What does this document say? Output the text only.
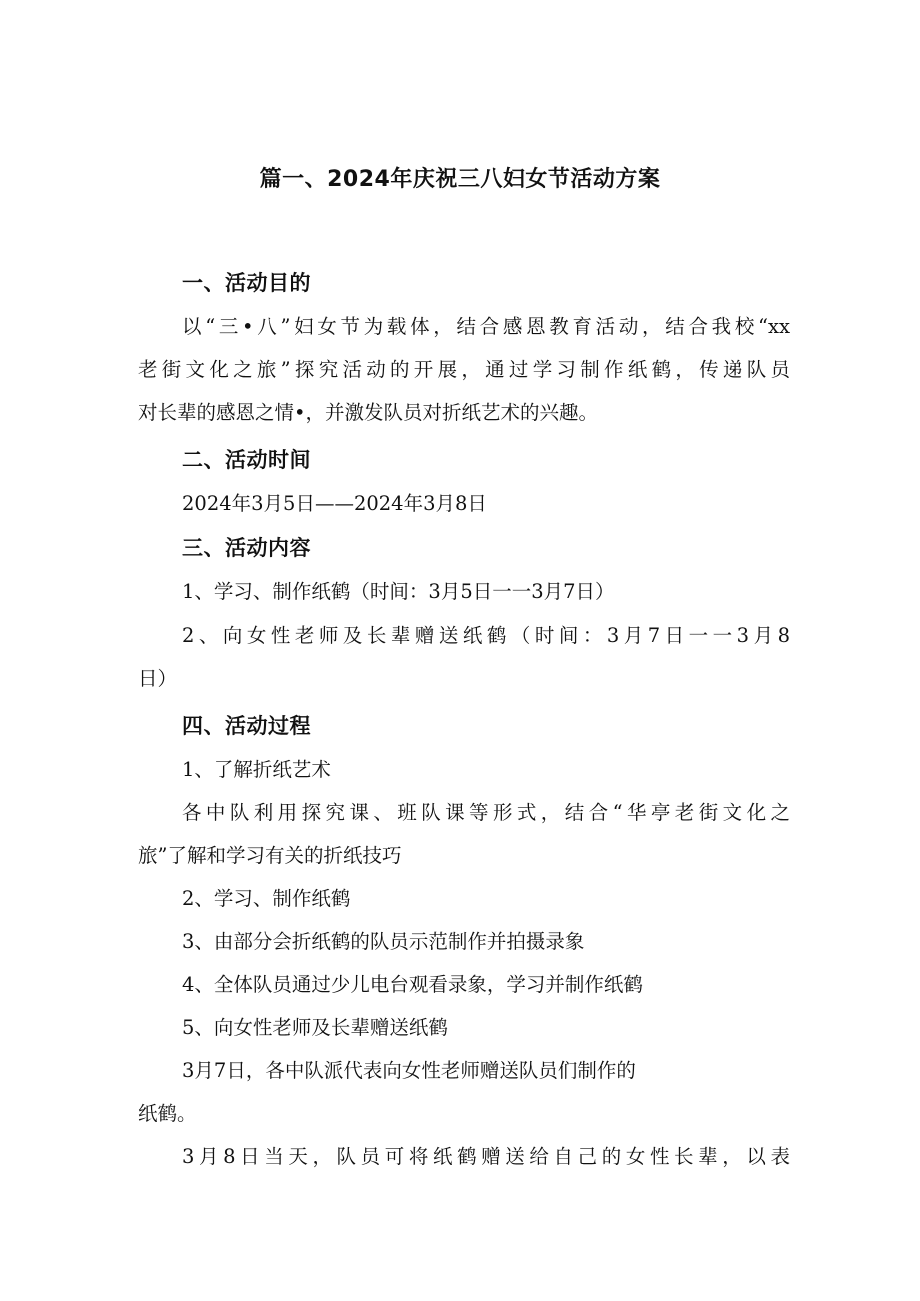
篇一、2024年庆祝三八妇女节活动方案
一、活动目的
以“三•八”妇女节为载体，结合感恩教育活动，结合我校“xx
老街文化之旅”探究活动的开展，通过学习制作纸鹤，传递队员
对长辈的感恩之情•，并激发队员对折纸艺术的兴趣。
二、活动时间
2024年3月5日——2024年3月8日
三、活动内容
1、学习、制作纸鹤（时间：3月5日一一3月7日）
2、向女性老师及长辈赠送纸鹤（时间：3月7日一一3月8
日）
四、活动过程
1、了解折纸艺术
各中队利用探究课、班队课等形式，结合“华亭老街文化之
旅”了解和学习有关的折纸技巧
2、学习、制作纸鹤
3、由部分会折纸鹤的队员示范制作并拍摄录象
4、全体队员通过少儿电台观看录象，学习并制作纸鹤
5、向女性老师及长辈赠送纸鹤
3月7日，各中队派代表向女性老师赠送队员们制作的
纸鹤。
3月8日当天，队员可将纸鹤赠送给自己的女性长辈，以表
